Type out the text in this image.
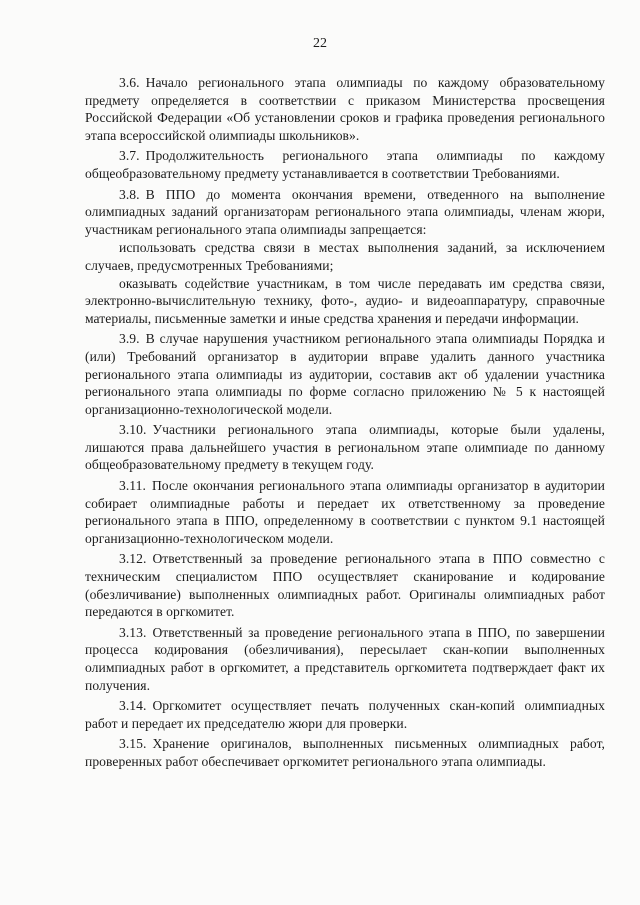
22

3.6. Начало регионального этапа олимпиады по каждому образовательному предмету определяется в соответствии с приказом Министерства просвещения Российской Федерации «Об установлении сроков и графика проведения регионального этапа всероссийской олимпиады школьников».

3.7. Продолжительность регионального этапа олимпиады по каждому общеобразовательному предмету устанавливается в соответствии Требованиями.

3.8. В ППО до момента окончания времени, отведенного на выполнение олимпиадных заданий организаторам регионального этапа олимпиады, членам жюри, участникам регионального этапа олимпиады запрещается:

использовать средства связи в местах выполнения заданий, за исключением случаев, предусмотренных Требованиями;

оказывать содействие участникам, в том числе передавать им средства связи, электронно-вычислительную технику, фото-, аудио- и видеоаппаратуру, справочные материалы, письменные заметки и иные средства хранения и передачи информации.

3.9. В случае нарушения участником регионального этапа олимпиады Порядка и (или) Требований организатор в аудитории вправе удалить данного участника регионального этапа олимпиады из аудитории, составив акт об удалении участника регионального этапа олимпиады по форме согласно приложению № 5 к настоящей организационно-технологической модели.

3.10. Участники регионального этапа олимпиады, которые были удалены, лишаются права дальнейшего участия в региональном этапе олимпиаде по данному общеобразовательному предмету в текущем году.

3.11. После окончания регионального этапа олимпиады организатор в аудитории собирает олимпиадные работы и передает их ответственному за проведение регионального этапа в ППО, определенному в соответствии с пунктом 9.1 настоящей организационно-технологическом модели.

3.12. Ответственный за проведение регионального этапа в ППО совместно с техническим специалистом ППО осуществляет сканирование и кодирование (обезличивание) выполненных олимпиадных работ. Оригиналы олимпиадных работ передаются в оргкомитет.

3.13. Ответственный за проведение регионального этапа в ППО, по завершении процесса кодирования (обезличивания), пересылает скан-копии выполненных олимпиадных работ в оргкомитет, а представитель оргкомитета подтверждает факт их получения.

3.14. Оргкомитет осуществляет печать полученных скан-копий олимпиадных работ и передает их председателю жюри для проверки.

3.15. Хранение оригиналов, выполненных письменных олимпиадных работ, проверенных работ обеспечивает оргкомитет регионального этапа олимпиады.
